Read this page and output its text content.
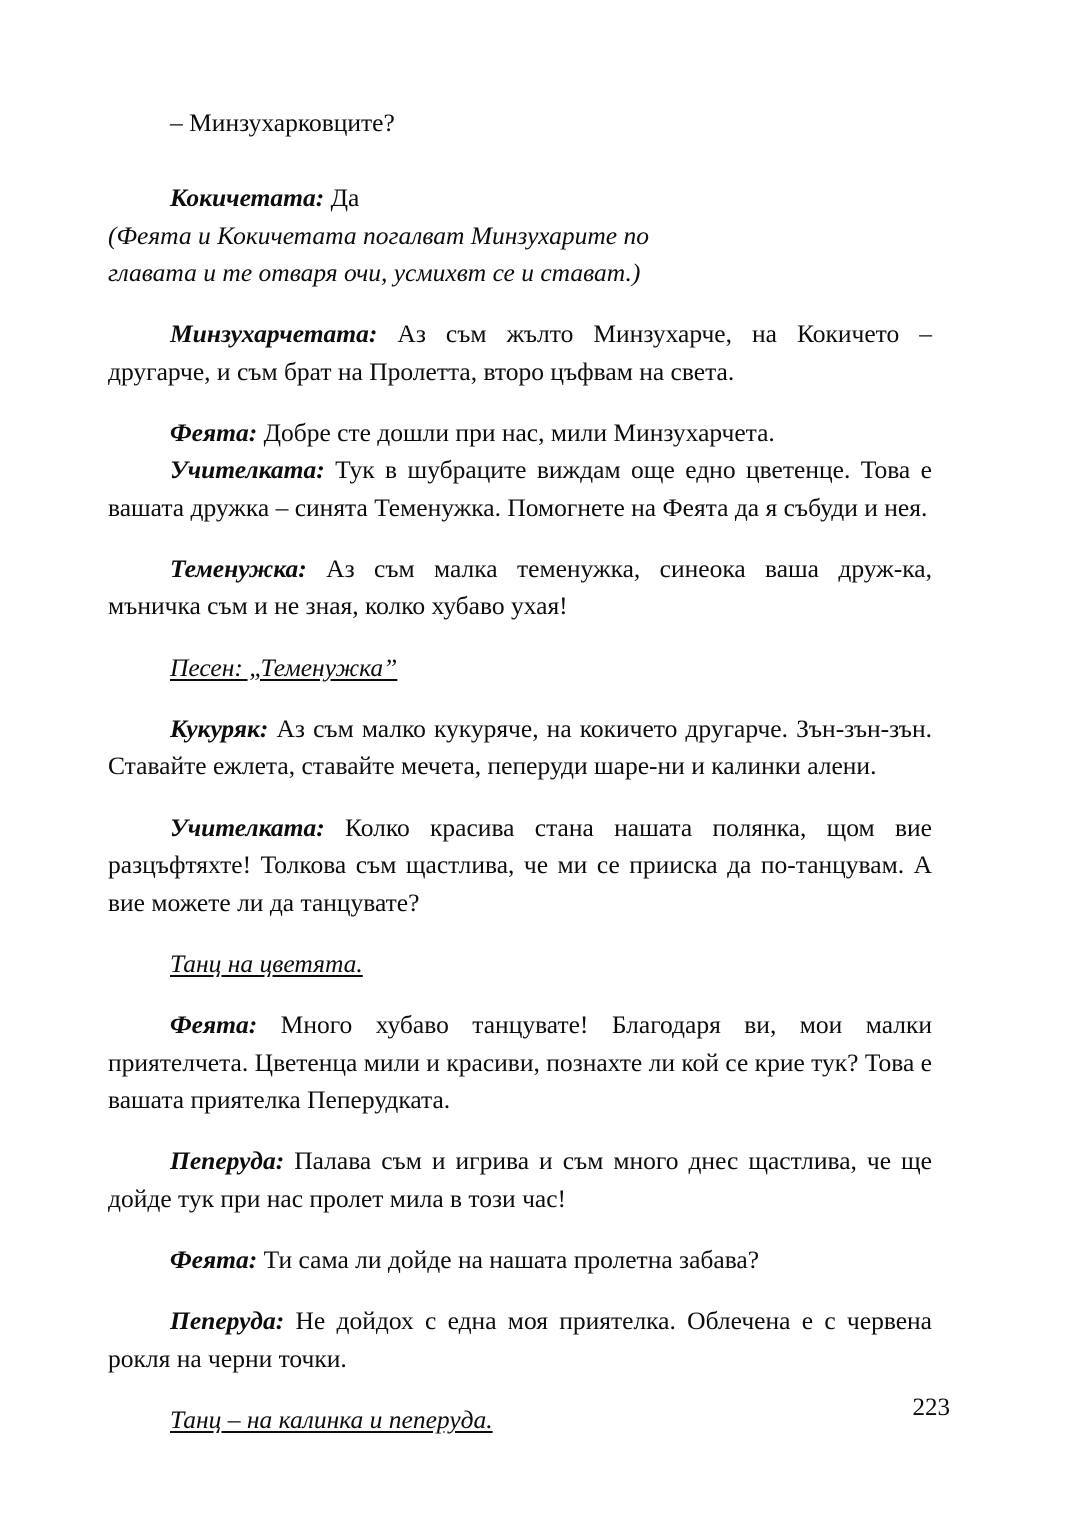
– Минзухарковците?

Кокичетата: Да

(Феята и Кокичетата погалват Минзухарите по
главата и те отваря очи, усмихвт се и стават.)

Минзухарчетата: Аз съм жълто Минзухарче, на Кокичето – другарче, и съм брат на Пролетта, второ цъфвам на света.

Феята: Добре сте дошли при нас, мили Минзухарчета.

Учителката: Тук в шубраците виждам още едно цветенце. Това е вашата дружка – синята Теменужка. Помогнете на Феята да я събуди и нея.

Теменужка: Аз съм малка теменужка, синеока ваша друж-ка, мъничка съм и не зная, колко хубаво ухая!

Песен: „Теменужка”

Кукуряк: Аз съм малко кукуряче, на кокичето другарче. Зън-зън-зън. Ставайте ежлета, ставайте мечета, пеперуди шаре-ни и калинки алени.

Учителката: Колко красива стана нашата полянка, щом вие разцъфтяхте! Толкова съм щастлива, че ми се прииска да по-танцувам. А вие можете ли да танцувате?

Танц на цветята.

Феята: Много хубаво танцувате! Благодаря ви, мои малки приятелчета. Цветенца мили и красиви, познахте ли кой се крие тук? Това е вашата приятелка Пеперудката.

Пеперуда: Палава съм и игрива и съм много днес щастлива, че ще дойде тук при нас пролет мила в този час!

Феята: Ти сама ли дойде на нашата пролетна забава?

Пеперуда: Не дойдох с една моя приятелка. Облечена е с червена рокля на черни точки.

Танц – на калинка и пеперуда.	223
